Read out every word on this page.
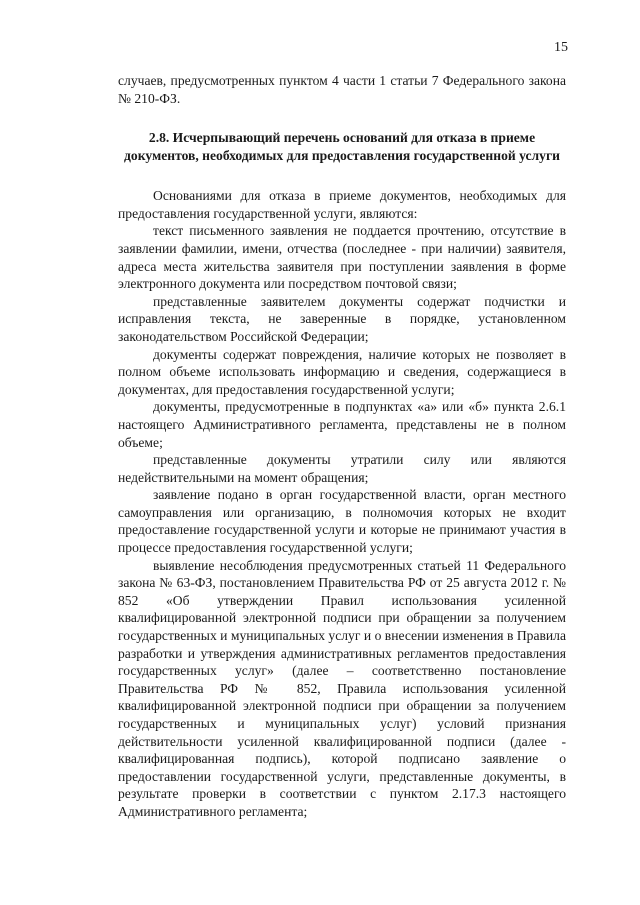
15

случаев, предусмотренных пунктом 4 части 1 статьи 7 Федерального закона № 210-ФЗ.

2.8. Исчерпывающий перечень оснований для отказа в приеме
документов, необходимых для предоставления государственной услуги

Основаниями для отказа в приеме документов, необходимых для предоставления государственной услуги, являются:

текст письменного заявления не поддается прочтению, отсутствие в заявлении фамилии, имени, отчества (последнее - при наличии) заявителя, адреса места жительства заявителя при поступлении заявления в форме электронного документа или посредством почтовой связи;

представленные заявителем документы содержат подчистки и исправления текста, не заверенные в порядке, установленном законодательством Российской Федерации;

документы содержат повреждения, наличие которых не позволяет в полном объеме использовать информацию и сведения, содержащиеся в документах, для предоставления государственной услуги;

документы, предусмотренные в подпунктах «а» или «б» пункта 2.6.1 настоящего Административного регламента, представлены не в полном объеме;

представленные документы утратили силу или являются недействительными на момент обращения;

заявление подано в орган государственной власти, орган местного самоуправления или организацию, в полномочия которых не входит предоставление государственной услуги и которые не принимают участия в процессе предоставления государственной услуги;

выявление несоблюдения предусмотренных статьей 11 Федерального закона № 63-ФЗ, постановлением Правительства РФ от 25 августа 2012 г. № 852 «Об утверждении Правил использования усиленной квалифицированной электронной подписи при обращении за получением государственных и муниципальных услуг и о внесении изменения в Правила разработки и утверждения административных регламентов предоставления государственных услуг» (далее – соответственно постановление Правительства РФ № 852, Правила использования усиленной квалифицированной электронной подписи при обращении за получением государственных и муниципальных услуг) условий признания действительности усиленной квалифицированной подписи (далее - квалифицированная подпись), которой подписано заявление о предоставлении государственной услуги, представленные документы, в результате проверки в соответствии с пунктом 2.17.3 настоящего Административного регламента;
